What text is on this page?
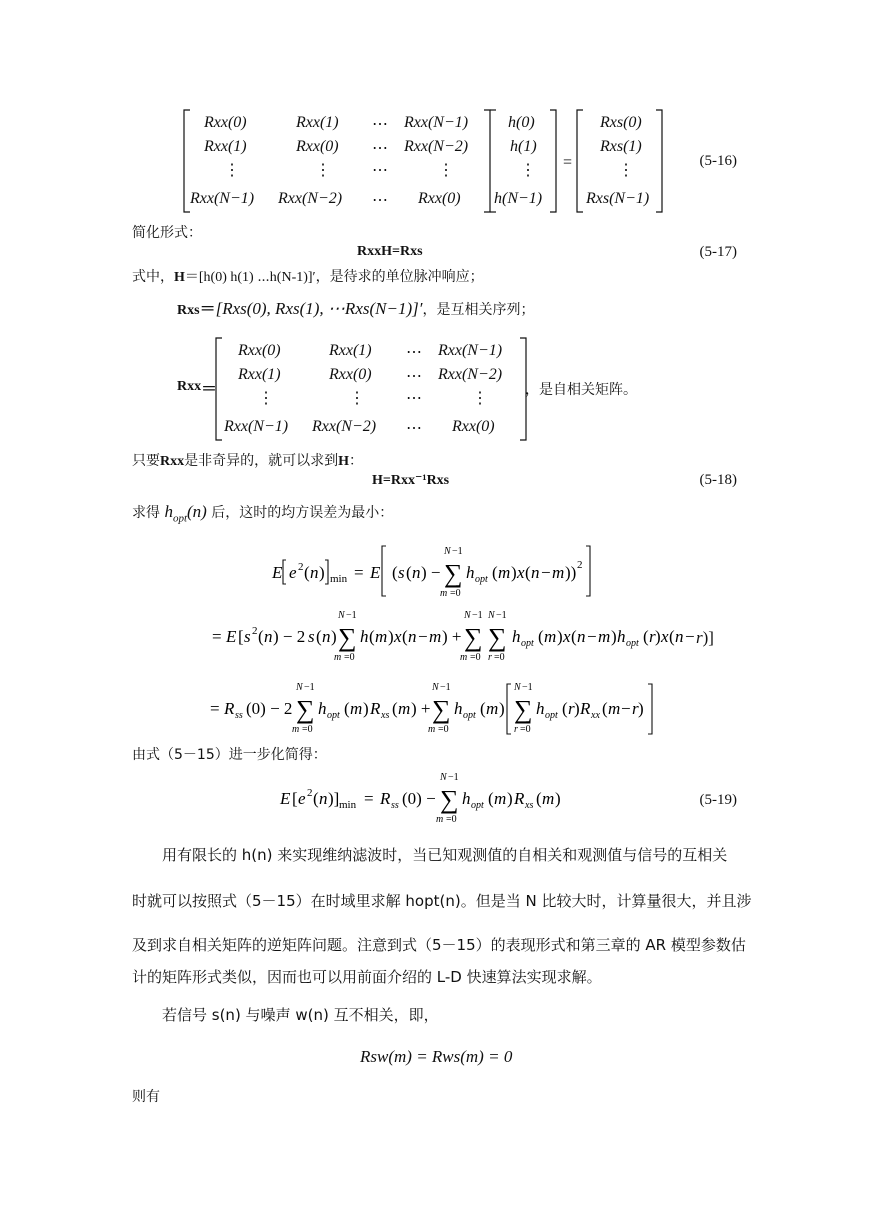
=
Rxx(0)	Rxx(1) ⋯ Rxx(N−1)
Rxx(1)	Rxx(0) ⋯ Rxx(N−2)
⋮	⋮	⋯	⋮
Rxx(N−1) Rxx(N−2) ⋯ Rxx(0)
h(0)
h(1)
⋮
h(N−1)
Rxs(0)
Rxs(1)
⋮
Rxs(N−1)
(5-16)
简化形式：
RxxH=Rxs	(5-17)
式中，H＝[h(0) h(1) ⋯h(N-1)]′，是待求的单位脉冲响应；
Rxs＝[Rxs(0), Rxs(1), ⋯Rxs(N−1)]′，是互相关序列；
Rxx ＝
Rxx(0)	Rxx(1) ⋯ Rxx(N−1)
Rxx(1)	Rxx(0) ⋯ Rxx(N−2)
⋮	⋮	⋯	⋮
Rxx(N−1) Rxx(N−2) ⋯ Rxx(0)
，是自相关矩阵。
只要Rxx是非奇异的，就可以求到H：
H=Rxx⁻¹Rxs	(5-18)
求得 $h_{opt}(n)$ 后，这时的均方误差为最小：
E e 2 ( n ) min = E ( s ( n ) − ∑
N −1
m =0
h opt ( m ) x ( n − m )) 2
= E [ s 2 ( n ) − 2 s ( n ) ∑
N −1
m =0
h ( m ) x ( n − m ) + ∑
N −1
m =0
∑
N −1
r =0
h opt ( m ) x ( n − m ) h opt ( r ) x ( n −
= R ss (0) − 2 ∑
N −1
m =0
h opt ( m ) R xs ( m ) + ∑
N −1
m =0
h opt ( m ) ∑
N −1
r =0
h opt ( r ) R xx ( m − r )
r)]
由式（5－15）进一步化简得：
E [ e 2 ( n )] min = R ss (0) − ∑
N −1
m =0
h opt ( m ) R xs ( m )	(5-19)
用有限长的 h(n) 来实现维纳滤波时，当已知观测值的自相关和观测值与信号的互相关
时就可以按照式（5－15）在时域里求解 hopt(n)。但是当 N 比较大时，计算量很大，并且涉
及到求自相关矩阵的逆矩阵问题。注意到式（5－15）的表现形式和第三章的 AR 模型参数估
计的矩阵形式类似，因而也可以用前面介绍的 L-D 快速算法实现求解。
若信号 s(n) 与噪声 w(n) 互不相关，即，
Rsw(m) = Rws(m) = 0
则有
